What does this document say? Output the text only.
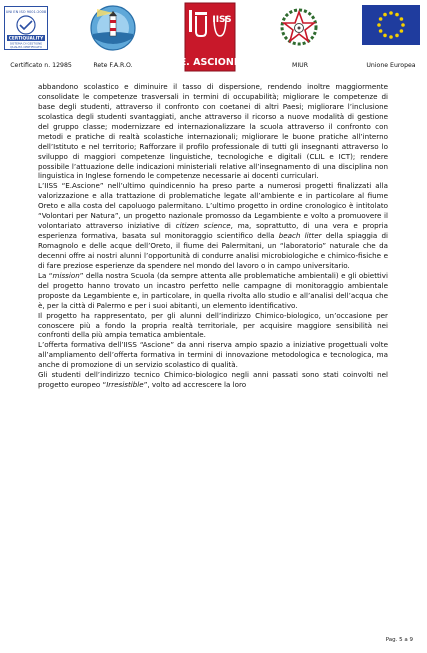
UNI EN ISO 9001:2008
CERTIQUALITY
SISTEMA DI GESTIONE
QUALITÀ CERTIFICATO
Certificato n. 12985	Rete F.A.R.O.
IISS
E. ASCIONE	MIUR	Unione Europea

abbandono scolastico e diminuire il tasso di dispersione, rendendo inoltre maggiormente consolidate le competenze trasversali in termini di occupabilità; migliorare le competenze di base degli studenti, attraverso il confronto con coetanei di altri Paesi; migliorare l’inclusione scolastica degli studenti svantaggiati, anche attraverso il ricorso a nuove modalità di gestione del gruppo classe; modernizzare ed internazionalizzare la scuola attraverso il confronto con metodi e pratiche di realtà scolastiche internazionali; migliorare le buone pratiche all’interno dell’Istituto e nel territorio; Rafforzare il profilo professionale di tutti gli insegnanti attraverso lo sviluppo di maggiori competenze linguistiche, tecnologiche e digitali (CLIL e ICT); rendere possibile l’attuazione delle indicazioni ministeriali relative all’insegnamento di una disciplina non linguistica in Inglese fornendo le competenze necessarie ai docenti curriculari.

L’IISS “E.Ascione” nell’ultimo quindicennio ha preso parte a numerosi progetti finalizzati alla valorizzazione e alla trattazione di problematiche legate all’ambiente e in particolare al fiume Oreto e alla costa del capoluogo palermitano. L’ultimo progetto in ordine cronologico è intitolato “Volontari per Natura”, un progetto nazionale promosso da Legambiente e volto a promuovere il volontariato attraverso iniziative di citizen science, ma, soprattutto, di una vera e propria esperienza formativa, basata sul monitoraggio scientifico della beach litter della spiaggia di Romagnolo e delle acque dell’Oreto, il fiume dei Palermitani, un “laboratorio” naturale che da decenni offre ai nostri alunni l’opportunità di condurre analisi microbiologiche e chimico-fisiche e di fare preziose esperienze da spendere nel mondo del lavoro o in campo universitario.

La “mission” della nostra Scuola (da sempre attenta alle problematiche ambientali) e gli obiettivi del progetto hanno trovato un incastro perfetto nelle campagne di monitoraggio ambientale proposte da Legambiente e, in particolare, in quella rivolta allo studio e all’analisi dell’acqua che è, per la città di Palermo e per i suoi abitanti, un elemento identificativo.

Il progetto ha rappresentato, per gli alunni dell’indirizzo Chimico-biologico, un’occasione per conoscere più a fondo la propria realtà territoriale, per acquisire maggiore sensibilità nei confronti della più ampia tematica ambientale.

L’offerta formativa dell’IISS “Ascione” da anni riserva ampio spazio a iniziative progettuali volte all’ampliamento dell’offerta formativa in termini di innovazione metodologica e tecnologica, ma anche di promozione di un servizio scolastico di qualità.

Gli studenti dell’indirizzo tecnico Chimico-biologico negli anni passati sono stati coinvolti nel progetto europeo “Irresistible”, volto ad accrescere la loro

Pag. 5 a 9
